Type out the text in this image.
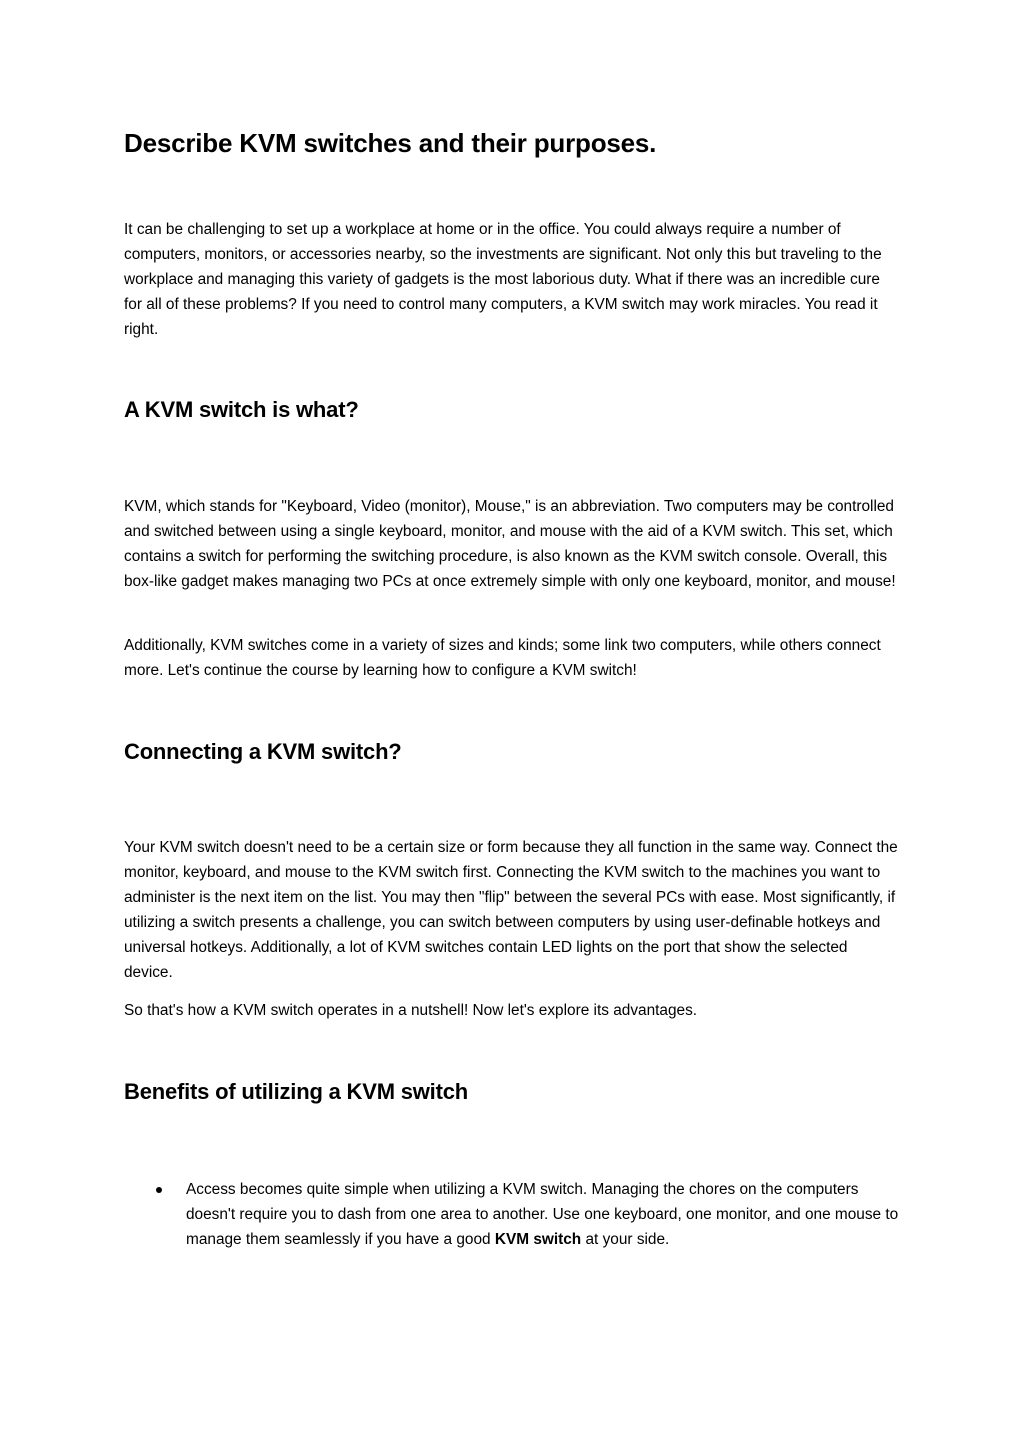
Describe KVM switches and their purposes.

It can be challenging to set up a workplace at home or in the office. You could always require a number of computers, monitors, or accessories nearby, so the investments are significant. Not only this but traveling to the workplace and managing this variety of gadgets is the most laborious duty. What if there was an incredible cure for all of these problems? If you need to control many computers, a KVM switch may work miracles. You read it right.

A KVM switch is what?

KVM, which stands for "Keyboard, Video (monitor), Mouse," is an abbreviation. Two computers may be controlled and switched between using a single keyboard, monitor, and mouse with the aid of a KVM switch. This set, which contains a switch for performing the switching procedure, is also known as the KVM switch console. Overall, this box-like gadget makes managing two PCs at once extremely simple with only one keyboard, monitor, and mouse!

Additionally, KVM switches come in a variety of sizes and kinds; some link two computers, while others connect more. Let's continue the course by learning how to configure a KVM switch!

Connecting a KVM switch?

Your KVM switch doesn't need to be a certain size or form because they all function in the same way. Connect the monitor, keyboard, and mouse to the KVM switch first. Connecting the KVM switch to the machines you want to administer is the next item on the list. You may then "flip" between the several PCs with ease. Most significantly, if utilizing a switch presents a challenge, you can switch between computers by using user-definable hotkeys and universal hotkeys. Additionally, a lot of KVM switches contain LED lights on the port that show the selected device.

So that's how a KVM switch operates in a nutshell! Now let's explore its advantages.

Benefits of utilizing a KVM switch
Access becomes quite simple when utilizing a KVM switch. Managing the chores on the computers doesn't require you to dash from one area to another. Use one keyboard, one monitor, and one mouse to manage them seamlessly if you have a good KVM switch at your side.
